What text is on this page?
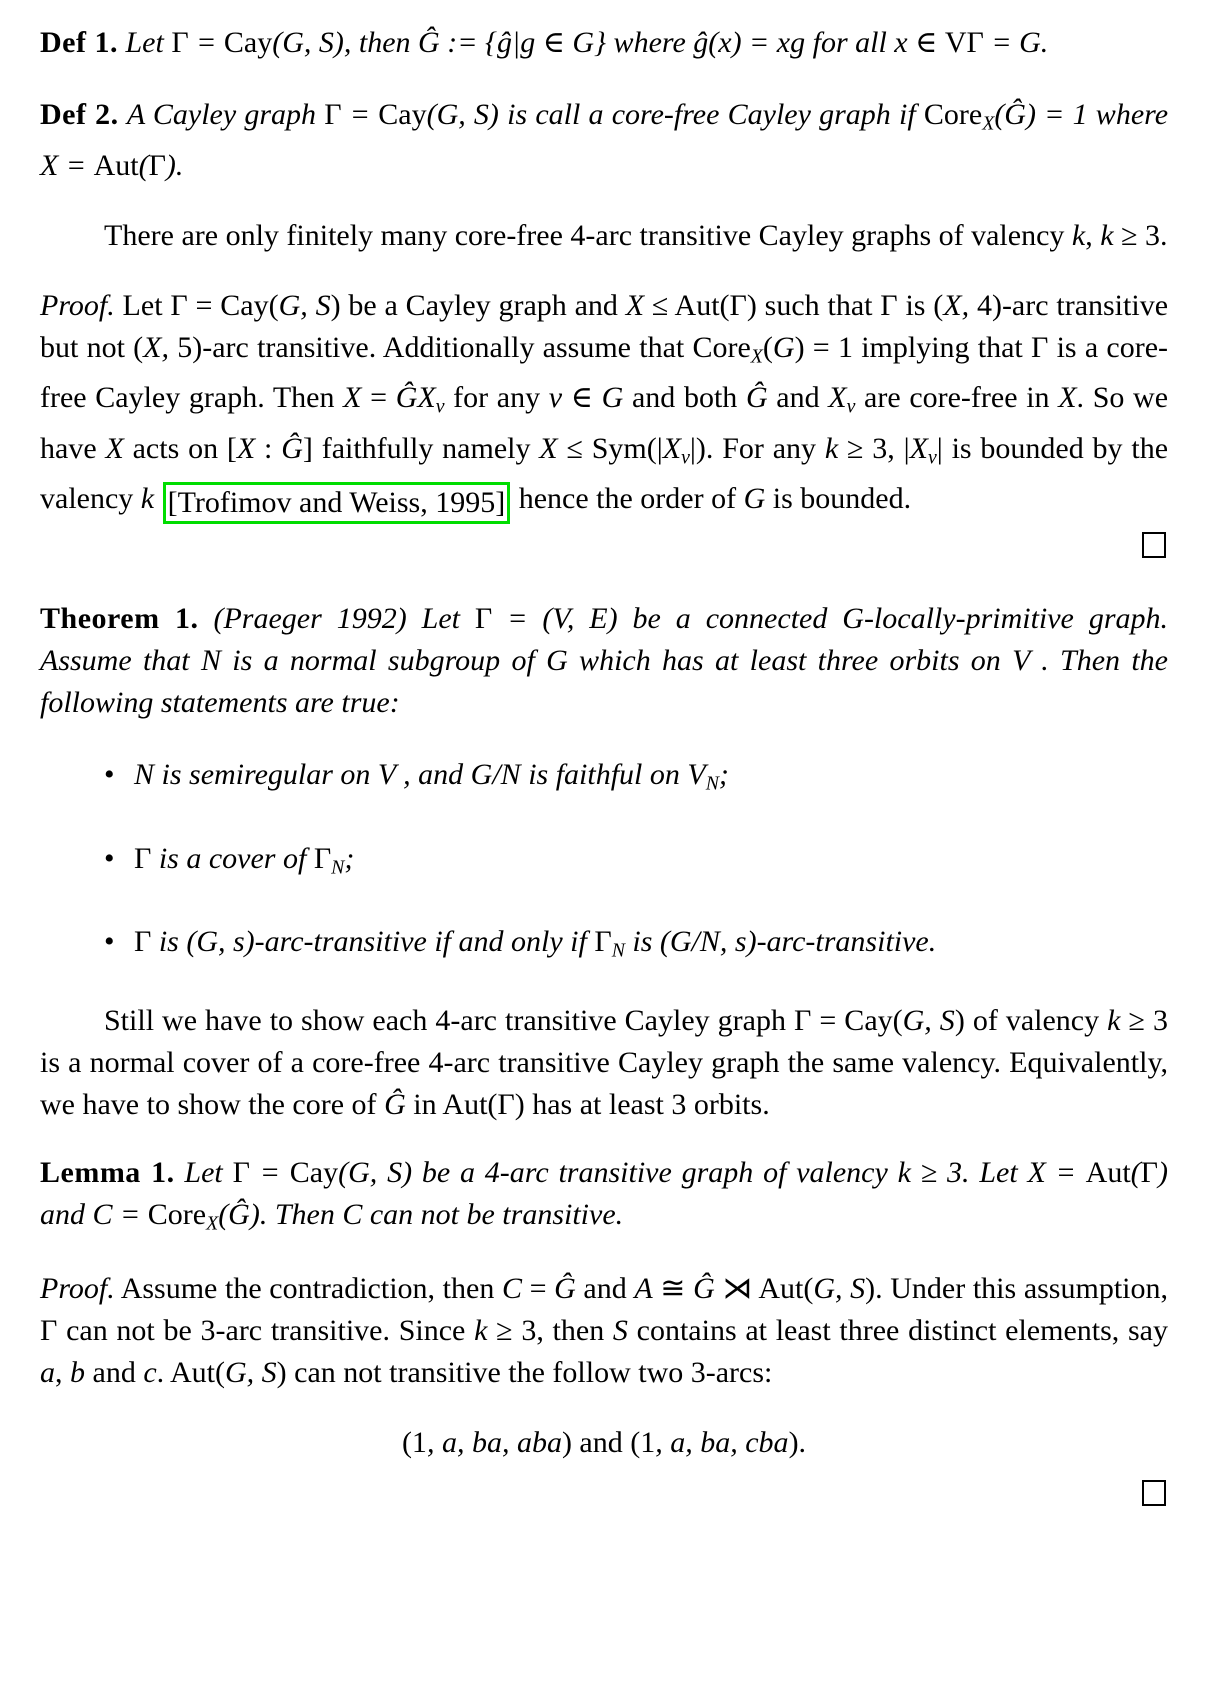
Def 1. Let Γ = Cay(G, S), then Ĝ := {ĝ|g ∈ G} where ĝ(x) = xg for all x ∈ VΓ = G.

Def 2. A Cayley graph Γ = Cay(G, S) is call a core-free Cayley graph if CoreX(Ĝ) = 1 where X = Aut(Γ).

There are only finitely many core-free 4-arc transitive Cayley graphs of valency k, k ≥ 3.

Proof. Let Γ = Cay(G, S) be a Cayley graph and X ≤ Aut(Γ) such that Γ is (X, 4)-arc transitive but not (X, 5)-arc transitive. Additionally assume that CoreX(G) = 1 implying that Γ is a core-free Cayley graph. Then X = ĜXv for any v ∈ G and both Ĝ and Xv are core-free in X. So we have X acts on [X : Ĝ] faithfully namely X ≤ Sym(|Xv|). For any k ≥ 3, |Xv| is bounded by the valency k [Trofimov and Weiss, 1995] hence the order of G is bounded.

Theorem 1. (Praeger 1992) Let Γ = (V, E) be a connected G-locally-primitive graph. Assume that N is a normal subgroup of G which has at least three orbits on V . Then the following statements are true:

• N is semiregular on V , and G/N is faithful on VN;
• Γ is a cover of ΓN;
• Γ is (G, s)-arc-transitive if and only if ΓN is (G/N, s)-arc-transitive.

Still we have to show each 4-arc transitive Cayley graph Γ = Cay(G, S) of valency k ≥ 3 is a normal cover of a core-free 4-arc transitive Cayley graph the same valency. Equivalently, we have to show the core of Ĝ in Aut(Γ) has at least 3 orbits.

Lemma 1. Let Γ = Cay(G, S) be a 4-arc transitive graph of valency k ≥ 3. Let X = Aut(Γ) and C = CoreX(Ĝ). Then C can not be transitive.

Proof. Assume the contradiction, then C = Ĝ and A ≅ Ĝ ⋊ Aut(G, S). Under this assumption, Γ can not be 3-arc transitive. Since k ≥ 3, then S contains at least three distinct elements, say a, b and c. Aut(G, S) can not transitive the follow two 3-arcs:

(1, a, ba, aba) and (1, a, ba, cba).
